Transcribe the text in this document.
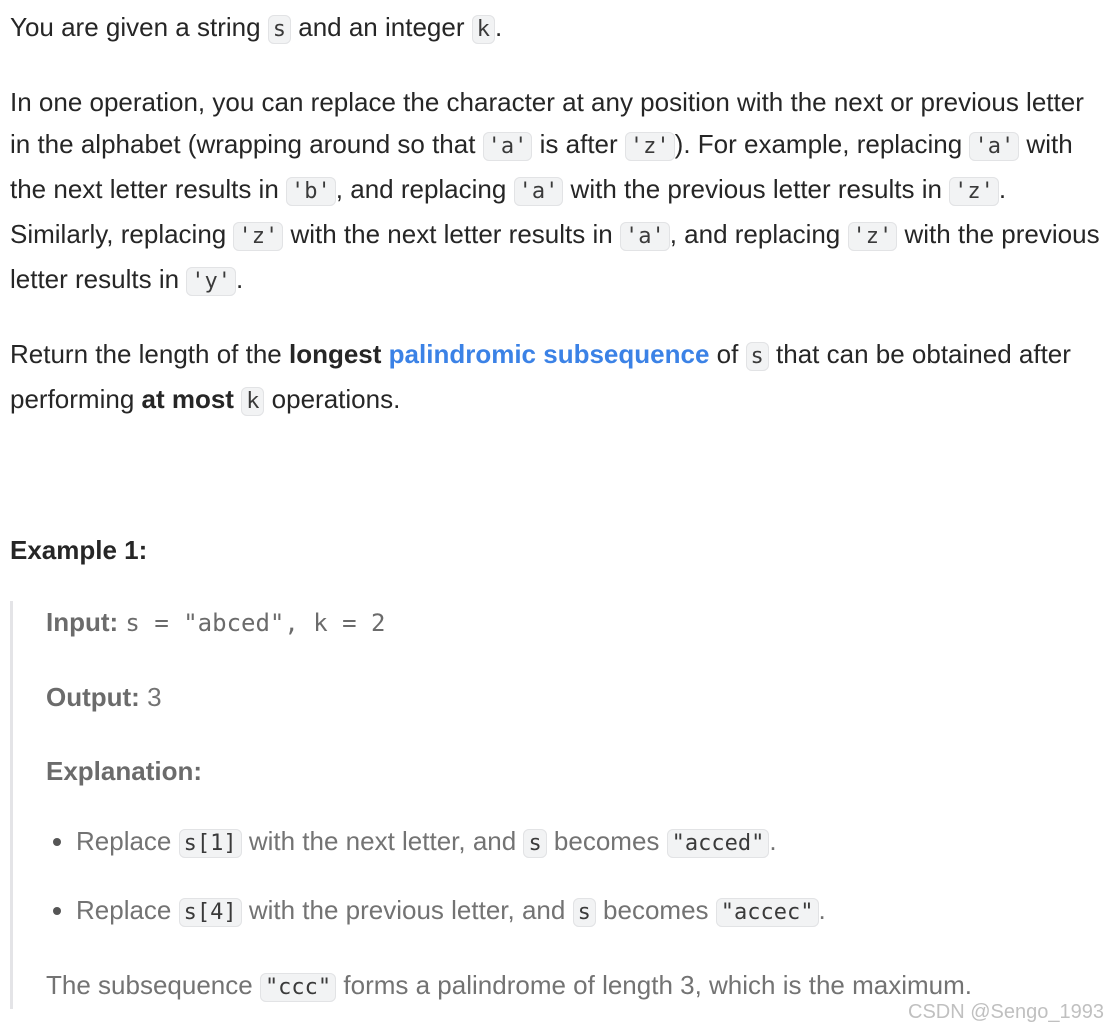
You are given a string s and an integer k .

In one operation, you can replace the character at any position with the next or previous letter in the alphabet (wrapping around so that 'a' is after 'z' ). For example, replacing 'a' with the next letter results in 'b' , and replacing 'a' with the previous letter results in 'z' . Similarly, replacing 'z' with the next letter results in 'a' , and replacing 'z' with the previous letter results in 'y' .

Return the length of the longest palindromic subsequence of s that can be obtained after performing at most k operations.

Example 1:
Input: s = "abced", k = 2
Output: 3
Explanation:
• Replace s[1] with the next letter, and s becomes "acced" .
• Replace s[4] with the previous letter, and s becomes "accec" .
The subsequence "ccc" forms a palindrome of length 3, which is the maximum.
CSDN @Sengo_1993
